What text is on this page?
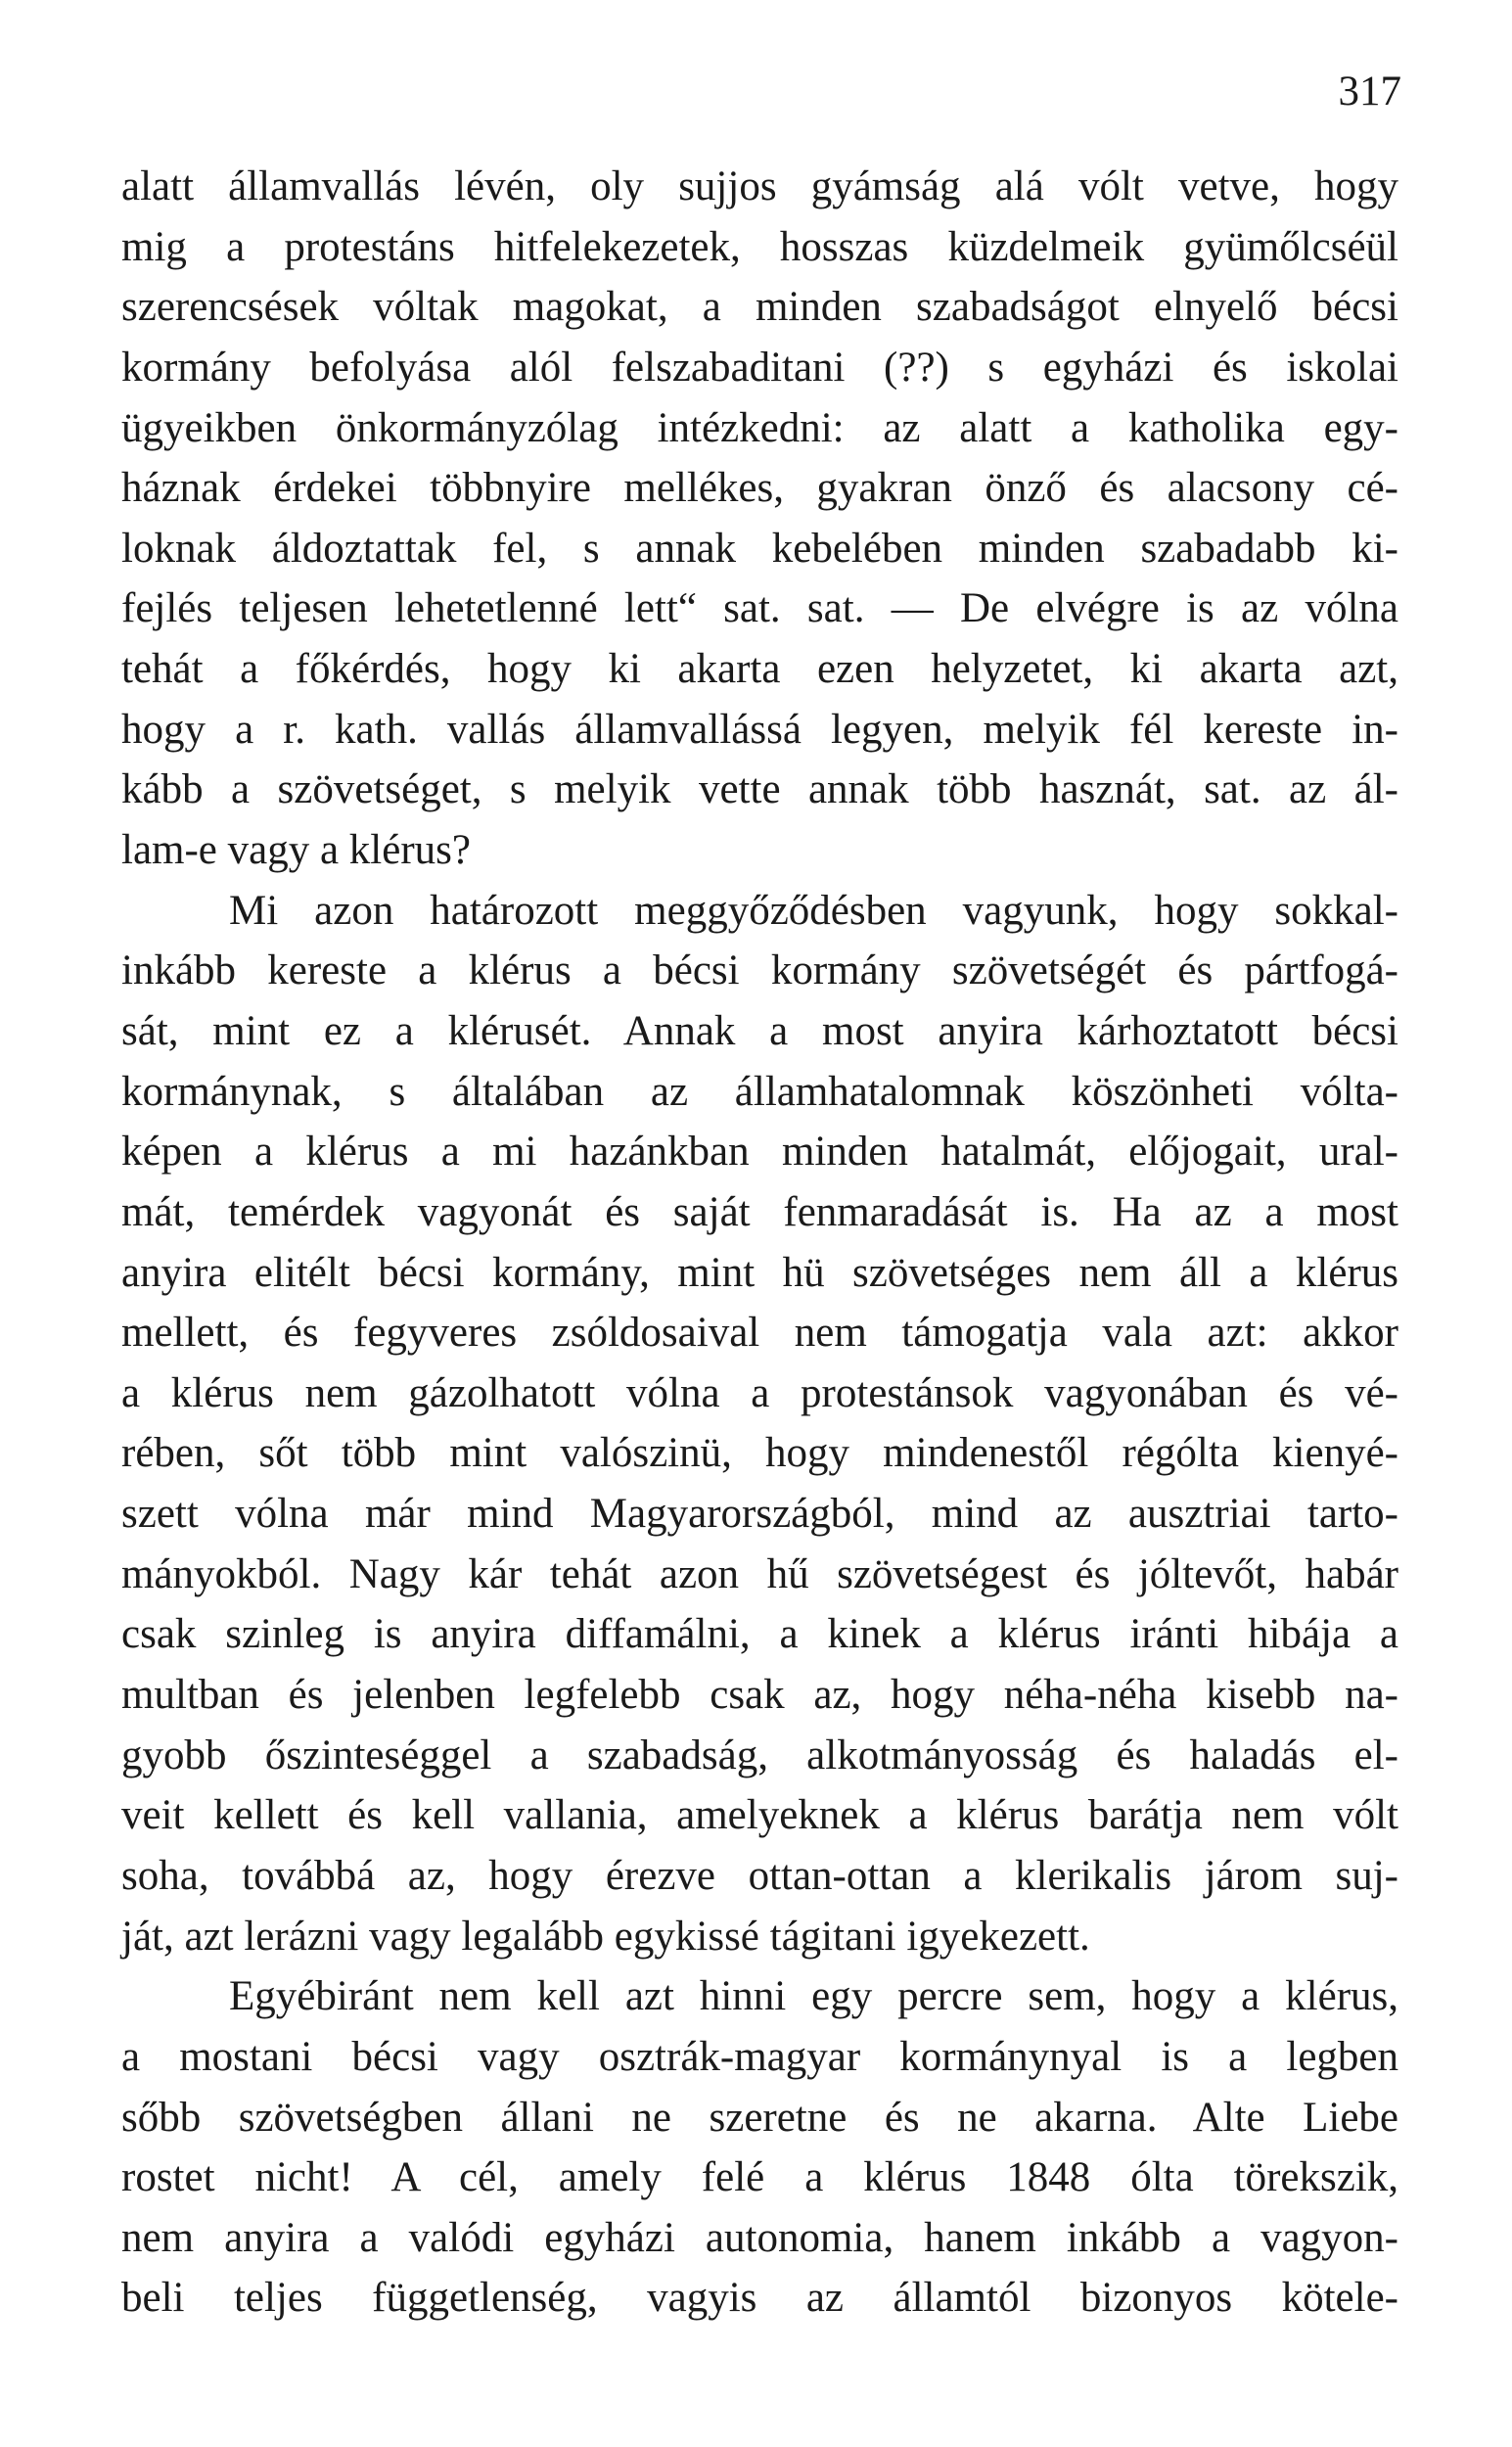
317
alatt államvallás lévén, oly sujjos gyámság alá vólt vetve, hogy
mig a protestáns hitfelekezetek, hosszas küzdelmeik gyümőlcséül
szerencsések vóltak magokat, a minden szabadságot elnyelő bécsi
kormány befolyása alól felszabaditani (??) s egyházi és iskolai
ügyeikben önkormányzólag intézkedni: az alatt a katholika egy-
háznak érdekei többnyire mellékes, gyakran önző és alacsony cé-
loknak áldoztattak fel, s annak kebelében minden szabadabb ki-
fejlés teljesen lehetetlenné lett“ sat. sat. — De elvégre is az vólna
tehát a főkérdés, hogy ki akarta ezen helyzetet, ki akarta azt,
hogy a r. kath. vallás államvallássá legyen, melyik fél kereste in-
kább a szövetséget, s melyik vette annak több hasznát, sat. az ál-
lam-e vagy a klérus?
Mi azon határozott meggyőződésben vagyunk, hogy sokkal-
inkább kereste a klérus a bécsi kormány szövetségét és pártfogá-
sát, mint ez a klérusét. Annak a most anyira kárhoztatott bécsi
kormánynak, s általában az államhatalomnak köszönheti vólta-
képen a klérus a mi hazánkban minden hatalmát, előjogait, ural-
mát, temérdek vagyonát és saját fenmaradását is. Ha az a most
anyira elitélt bécsi kormány, mint hü szövetséges nem áll a klérus
mellett, és fegyveres zsóldosaival nem támogatja vala azt: akkor
a klérus nem gázolhatott vólna a protestánsok vagyonában és vé-
rében, sőt több mint valószinü, hogy mindenestől régólta kienyé-
szett vólna már mind Magyarországból, mind az ausztriai tarto-
mányokból. Nagy kár tehát azon hű szövetségest és jóltevőt, habár
csak szinleg is anyira diffamálni, a kinek a klérus iránti hibája a
multban és jelenben legfelebb csak az, hogy néha-néha kisebb na-
gyobb őszinteséggel a szabadság, alkotmányosság és haladás el-
veit kellett és kell vallania, amelyeknek a klérus barátja nem vólt
soha, továbbá az, hogy érezve ottan-ottan a klerikalis járom suj-
ját, azt lerázni vagy legalább egykissé tágitani igyekezett.
Egyébiránt nem kell azt hinni egy percre sem, hogy a klérus,
a mostani bécsi vagy osztrák-magyar kormánynyal is a legben
sőbb szövetségben állani ne szeretne és ne akarna. Alte Liebe
rostet nicht! A cél, amely felé a klérus 1848 ólta törekszik,
nem anyira a valódi egyházi autonomia, hanem inkább a vagyon-
beli teljes függetlenség, vagyis az államtól bizonyos kötele-
